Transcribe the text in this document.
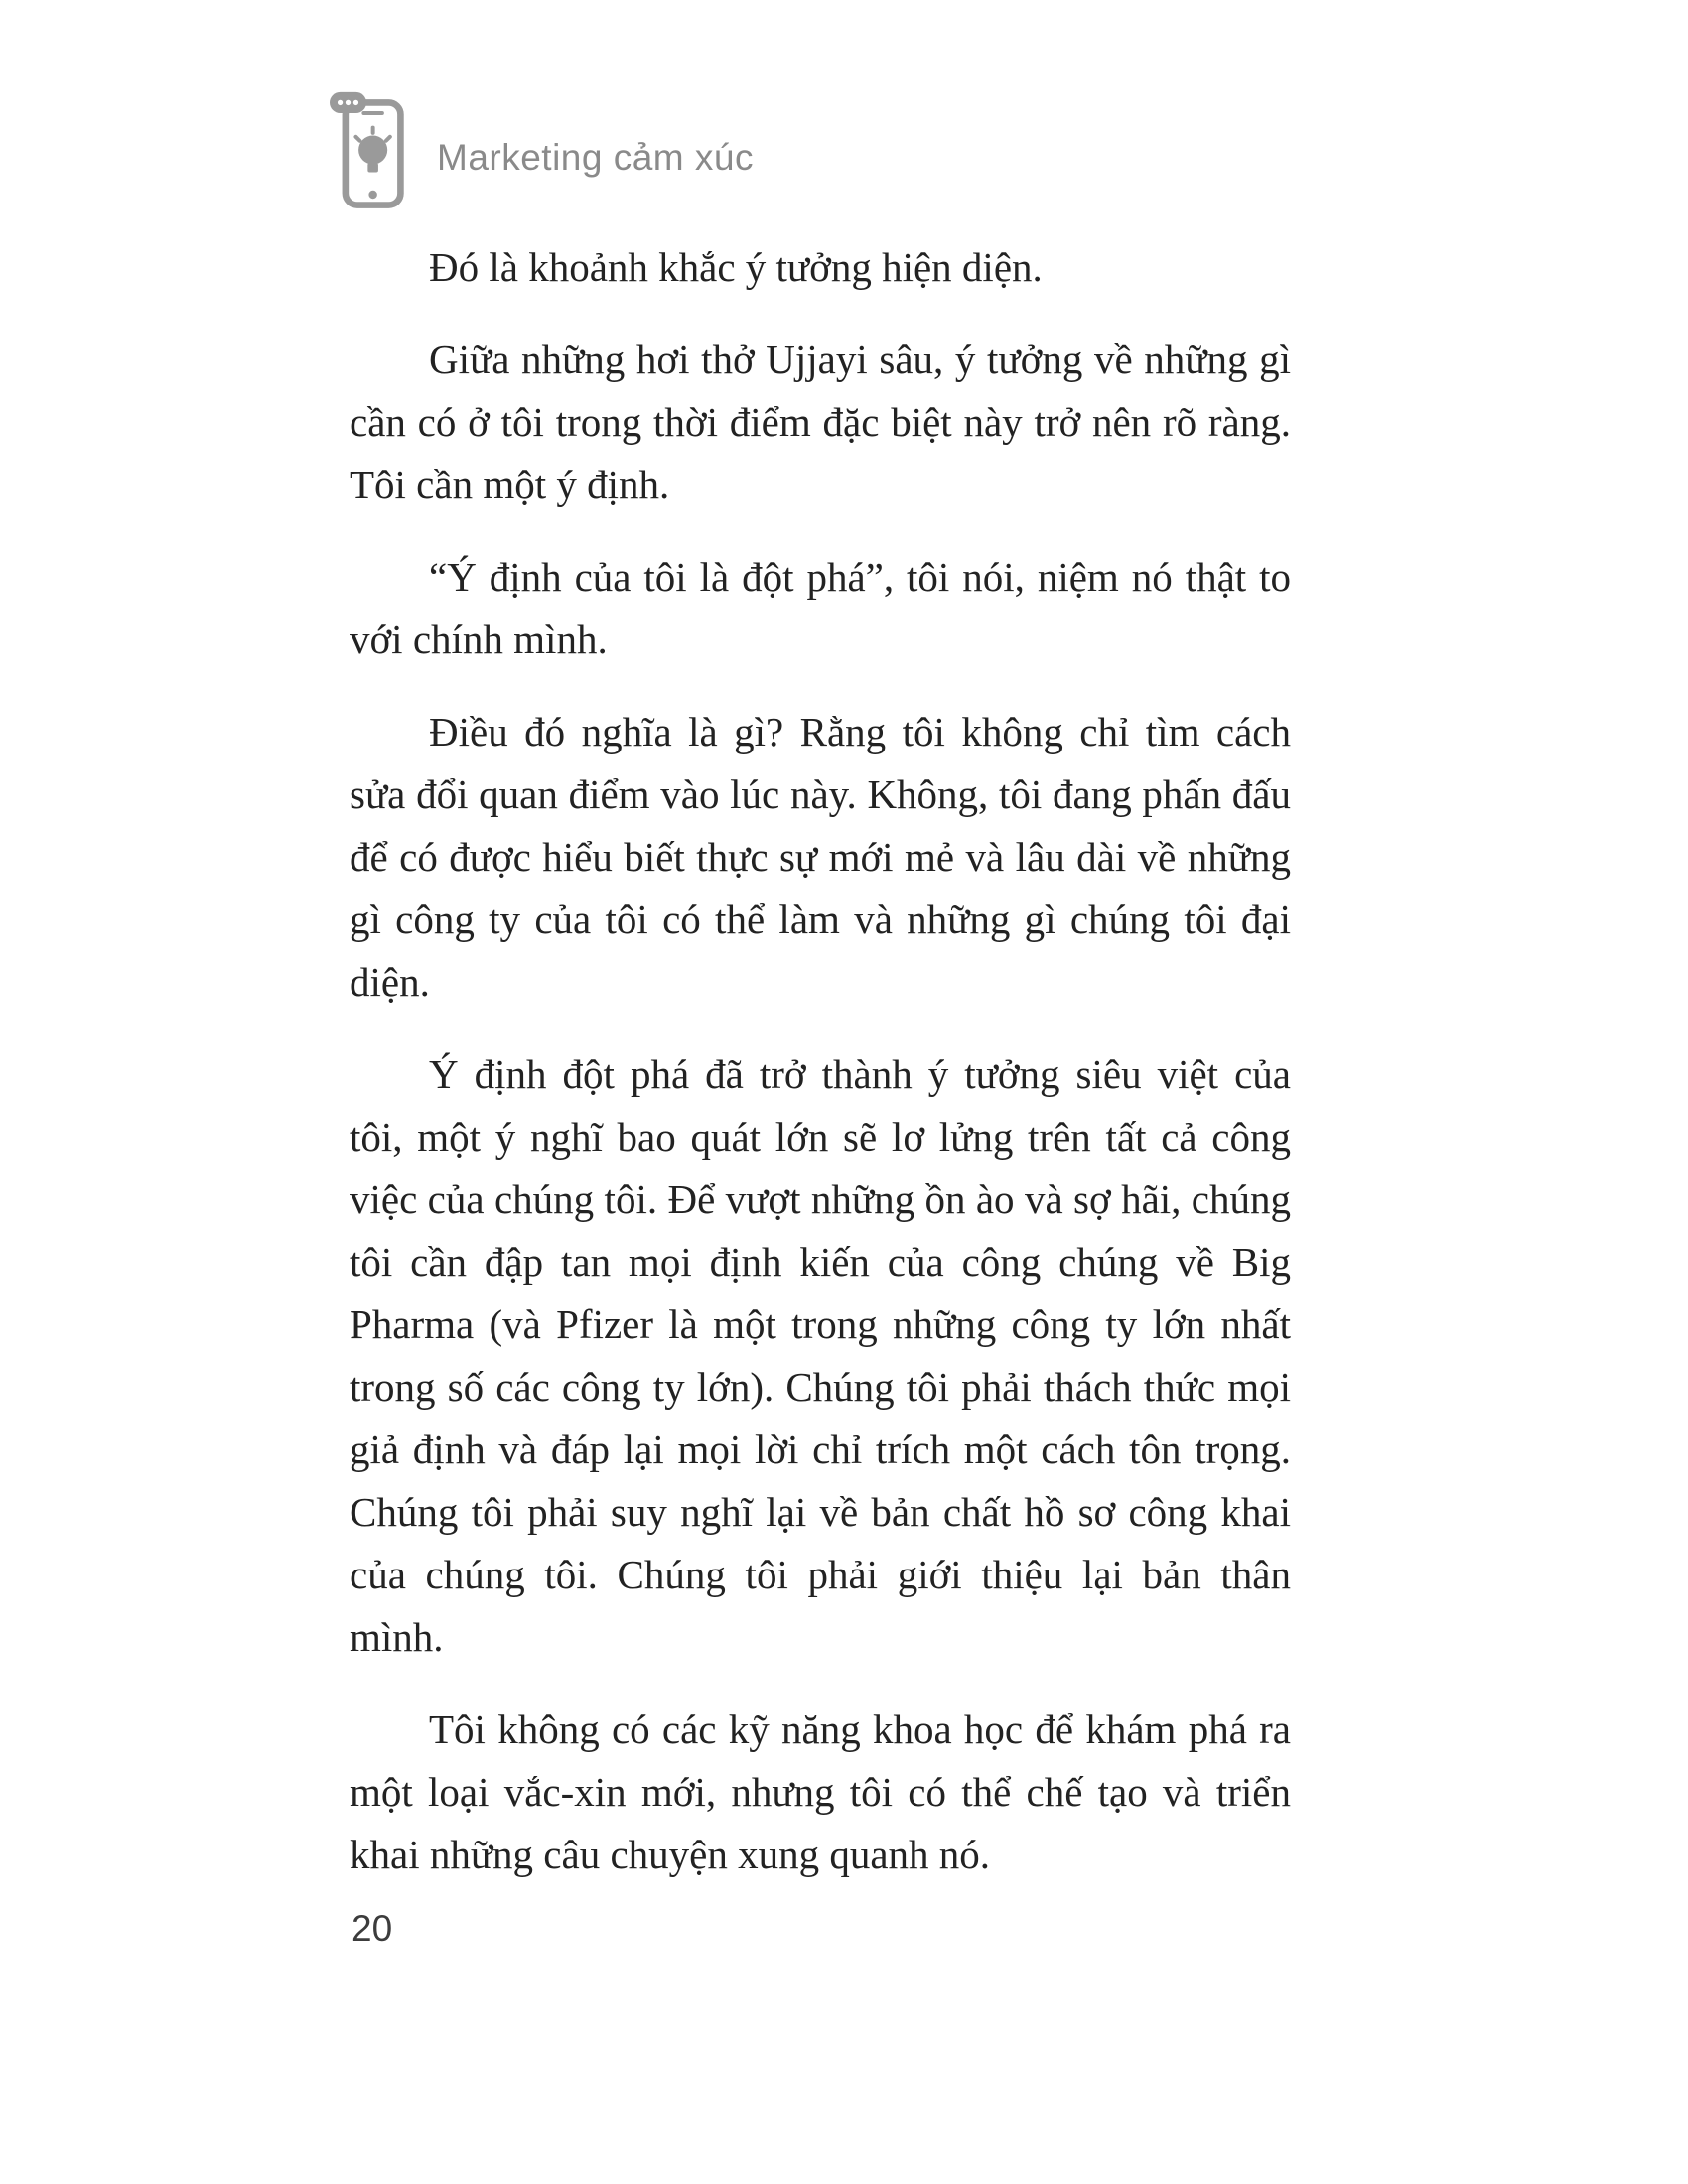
Marketing cảm xúc

Đó là khoảnh khắc ý tưởng hiện diện.

Giữa những hơi thở Ujjayi sâu, ý tưởng về những gì cần có ở tôi trong thời điểm đặc biệt này trở nên rõ ràng. Tôi cần một ý định.

“Ý định của tôi là đột phá”, tôi nói, niệm nó thật to với chính mình.

Điều đó nghĩa là gì? Rằng tôi không chỉ tìm cách sửa đổi quan điểm vào lúc này. Không, tôi đang phấn đấu để có được hiểu biết thực sự mới mẻ và lâu dài về những gì công ty của tôi có thể làm và những gì chúng tôi đại diện.

Ý định đột phá đã trở thành ý tưởng siêu việt của tôi, một ý nghĩ bao quát lớn sẽ lơ lửng trên tất cả công việc của chúng tôi. Để vượt những ồn ào và sợ hãi, chúng tôi cần đập tan mọi định kiến của công chúng về Big Pharma (và Pfizer là một trong những công ty lớn nhất trong số các công ty lớn). Chúng tôi phải thách thức mọi giả định và đáp lại mọi lời chỉ trích một cách tôn trọng. Chúng tôi phải suy nghĩ lại về bản chất hồ sơ công khai của chúng tôi. Chúng tôi phải giới thiệu lại bản thân mình.

Tôi không có các kỹ năng khoa học để khám phá ra một loại vắc-xin mới, nhưng tôi có thể chế tạo và triển khai những câu chuyện xung quanh nó.

20
